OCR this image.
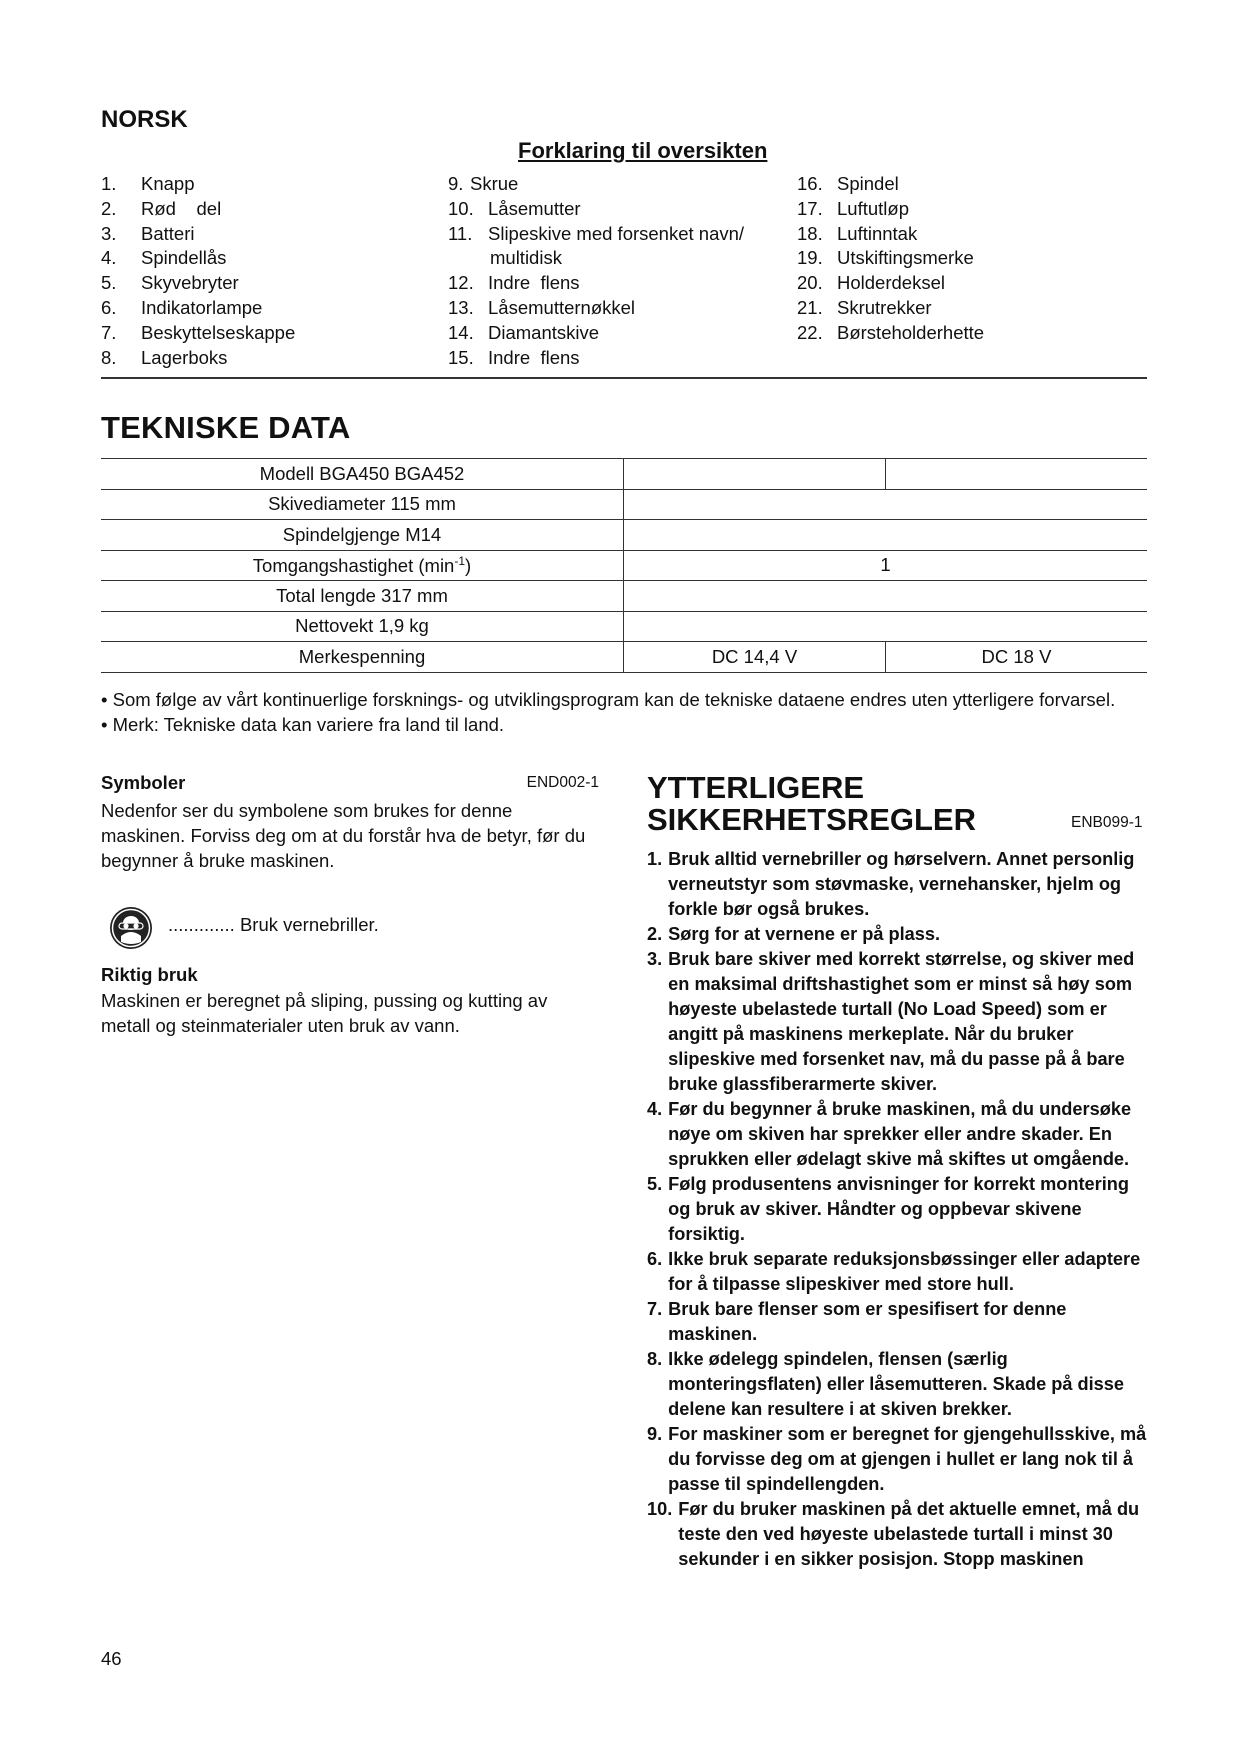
NORSK
Forklaring til oversikten
1.	Knapp
2.	Rød    del
3.	Batteri
4.	Spindellås
5.	Skyvebryter
6.	Indikatorlampe
7.	Beskyttelseskappe
8.	Lagerboks
9. Skrue
10. Låsemutter
11. Slipeskive med forsenket navn/
multidisk
12. Indre  flens
13. Låsemutternøkkel
14. Diamantskive
15. Indre  flens
16. Spindel
17. Luftutløp
18. Luftinntak
19. Utskiftingsmerke
20. Holderdeksel
21. Skrutrekker
22. Børsteholderhette
TEKNISKE DATA
Modell BGA450 BGA452		
Skivediameter 115 mm		
Spindelgjenge M14		
Tomgangshastighet $(\min^{-1})$	1	
Total lengde 317 mm		
Nettovekt 1,9 kg		
Merkespenning	DC 14,4 V	DC 18 V
• Som følge av vårt kontinuerlige forsknings- og utviklingsprogram kan de tekniske dataene endres uten ytterligere forvarsel.
• Merk: Tekniske data kan variere fra land til land.
Symboler	END002-1
Nedenfor ser du symbolene som brukes for denne maskinen. Forviss deg om at du forstår hva de betyr, før du begynner å bruke maskinen.
............. Bruk vernebriller.
Riktig bruk
Maskinen er beregnet på sliping, pussing og kutting av metall og steinmaterialer uten bruk av vann.
YTTERLIGERE
SIKKERHETSREGLER	ENB099-1
1. Bruk alltid vernebriller og hørselvern. Annet personlig verneutstyr som støvmaske, vernehansker, hjelm og forkle bør også brukes.
2. Sørg for at vernene er på plass.
3. Bruk bare skiver med korrekt størrelse, og skiver med en maksimal driftshastighet som er minst så høy som høyeste ubelastede turtall (No Load Speed) som er angitt på maskinens merkeplate. Når du bruker slipeskive med forsenket nav, må du passe på å bare bruke glassfiberarmerte skiver.
4. Før du begynner å bruke maskinen, må du undersøke nøye om skiven har sprekker eller andre skader. En sprukken eller ødelagt skive må skiftes ut omgående.
5. Følg produsentens anvisninger for korrekt montering og bruk av skiver. Håndter og oppbevar skivene forsiktig.
6. Ikke bruk separate reduksjonsbøssinger eller adaptere for å tilpasse slipeskiver med store hull.
7. Bruk bare flenser som er spesifisert for denne maskinen.
8. Ikke ødelegg spindelen, flensen (særlig monteringsflaten) eller låsemutteren. Skade på disse delene kan resultere i at skiven brekker.
9. For maskiner som er beregnet for gjengehullsskive, må du forvisse deg om at gjengen i hullet er lang nok til å passe til spindellengden.
10. Før du bruker maskinen på det aktuelle emnet, må du teste den ved høyeste ubelastede turtall i minst 30 sekunder i en sikker posisjon. Stopp maskinen
46
